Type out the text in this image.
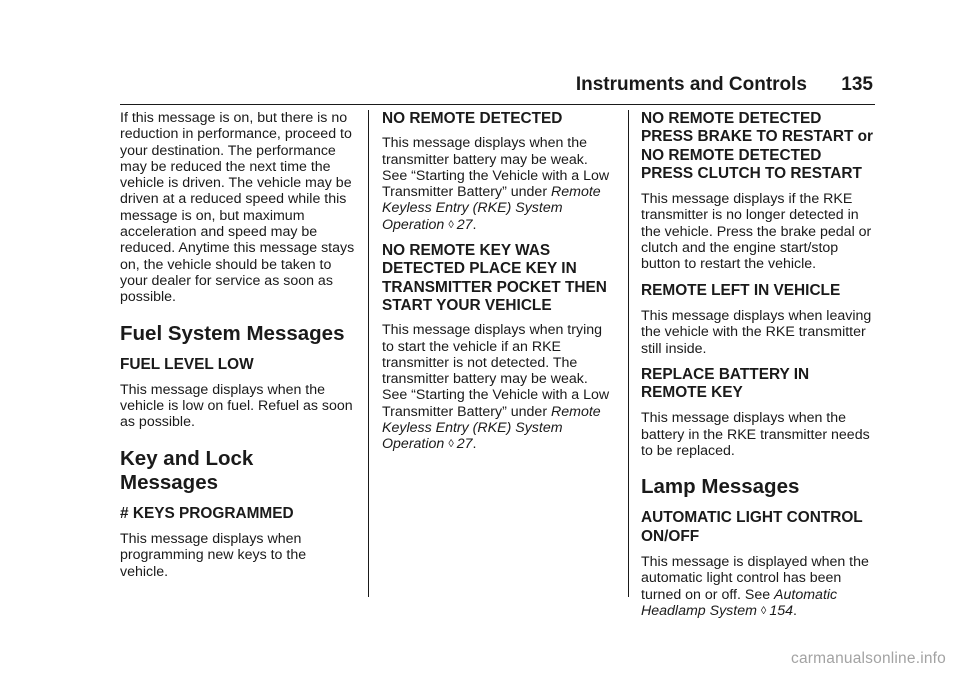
Instruments and Controls 135

If this message is on, but there is no reduction in performance, proceed to your destination. The performance may be reduced the next time the vehicle is driven. The vehicle may be driven at a reduced speed while this message is on, but maximum acceleration and speed may be reduced. Anytime this message stays on, the vehicle should be taken to your dealer for service as soon as possible.

Fuel System Messages
FUEL LEVEL LOW

This message displays when the vehicle is low on fuel. Refuel as soon as possible.

Key and Lock Messages
# KEYS PROGRAMMED

This message displays when programming new keys to the vehicle.

NO REMOTE DETECTED

This message displays when the transmitter battery may be weak. See “Starting the Vehicle with a Low Transmitter Battery” under Remote Keyless Entry (RKE) System Operation ◊ 27.

NO REMOTE KEY WAS DETECTED PLACE KEY IN TRANSMITTER POCKET THEN START YOUR VEHICLE

This message displays when trying to start the vehicle if an RKE transmitter is not detected. The transmitter battery may be weak. See “Starting the Vehicle with a Low Transmitter Battery” under Remote Keyless Entry (RKE) System Operation ◊ 27.

NO REMOTE DETECTED PRESS BRAKE TO RESTART or NO REMOTE DETECTED PRESS CLUTCH TO RESTART

This message displays if the RKE transmitter is no longer detected in the vehicle. Press the brake pedal or clutch and the engine start/stop button to restart the vehicle.

REMOTE LEFT IN VEHICLE

This message displays when leaving the vehicle with the RKE transmitter still inside.

REPLACE BATTERY IN REMOTE KEY

This message displays when the battery in the RKE transmitter needs to be replaced.

Lamp Messages
AUTOMATIC LIGHT CONTROL ON/OFF

This message is displayed when the automatic light control has been turned on or off. See Automatic Headlamp System ◊ 154.

carmanualsonline.info
